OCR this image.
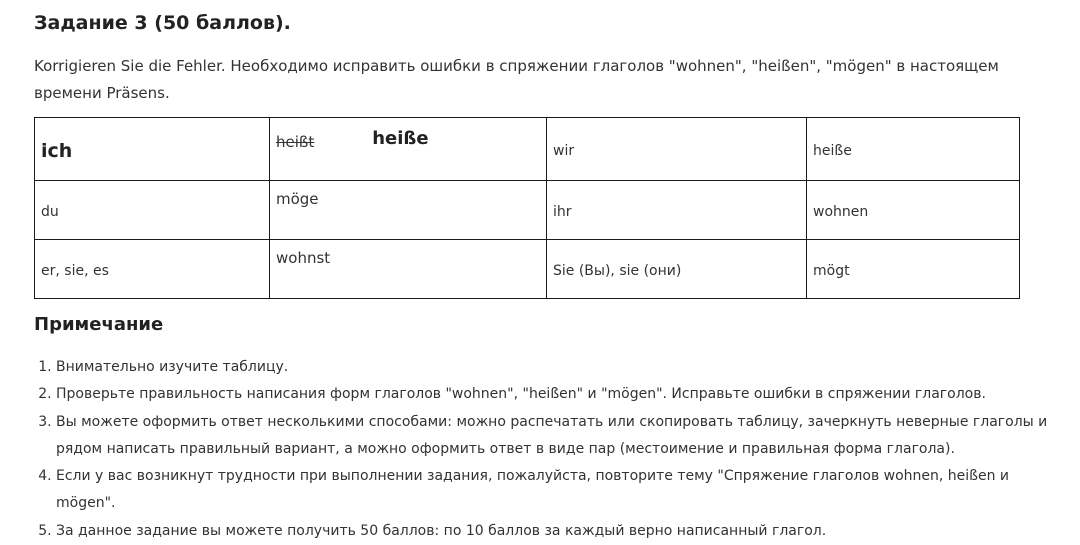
Задание 3 (50 баллов).

Korrigieren Sie die Fehler. Необходимо исправить ошибки в спряжении глаголов "wohnen", "heißen", "mögen" в настоящем времени Präsens.

ich	heißt heiße	wir	heiße
du	möge	ihr	wohnen
er, sie, es	wohnst	Sie (Вы), sie (они)	mögt
Примечание
1. Внимательно изучите таблицу.
2. Проверьте правильность написания форм глаголов "wohnen", "heißen" и "mögen". Исправьте ошибки в спряжении глаголов.
3. Вы можете оформить ответ несколькими способами: можно распечатать или скопировать таблицу, зачеркнуть неверные глаголы и рядом написать правильный вариант, а можно оформить ответ в виде пар (местоимение и правильная форма глагола).
4. Если у вас возникнут трудности при выполнении задания, пожалуйста, повторите тему "Спряжение глаголов wohnen, heißen и mögen".
5. За данное задание вы можете получить 50 баллов: по 10 баллов за каждый верно написанный глагол.
